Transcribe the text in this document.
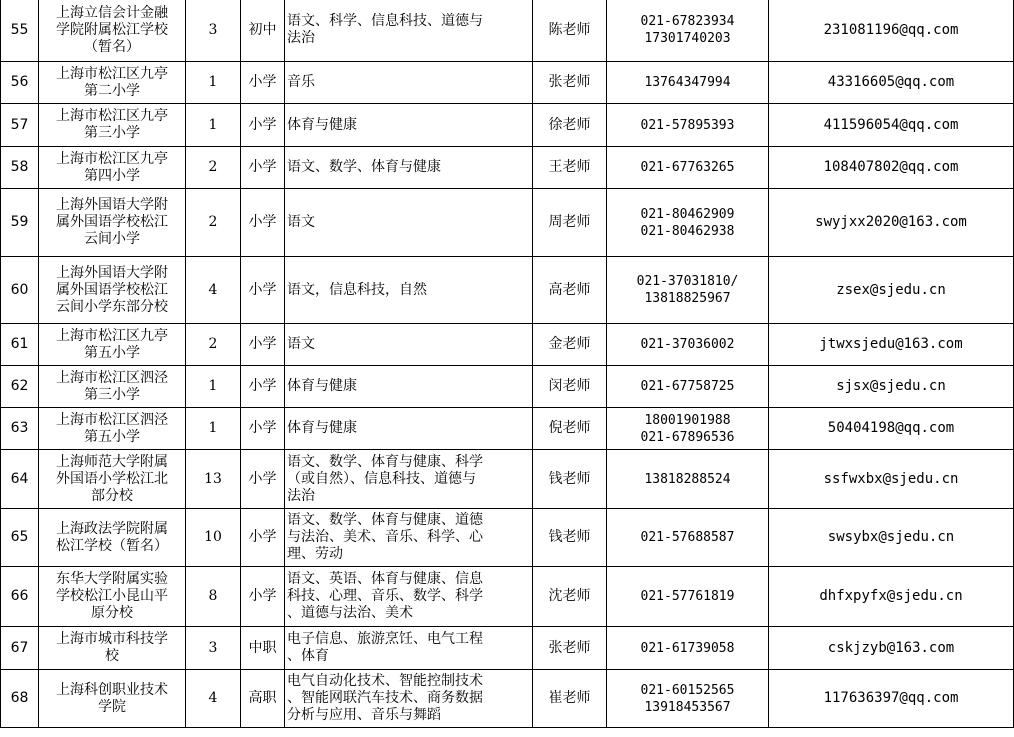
55	上海立信会计金融
学院附属松江学校
（暂名）	3	初中	语文、科学、信息科技、道德与
法治	陈老师	021-67823934
17301740203	231081196@qq.com
56	上海市松江区九亭
第二小学	1	小学	音乐	张老师	13764347994	43316605@qq.com
57	上海市松江区九亭
第三小学	1	小学	体育与健康	徐老师	021-57895393	411596054@qq.com
58	上海市松江区九亭
第四小学	2	小学	语文、数学、体育与健康	王老师	021-67763265	108407802@qq.com
59	上海外国语大学附
属外国语学校松江
云间小学	2	小学	语文	周老师	021-80462909
021-80462938	swyjxx2020@163.com
60	上海外国语大学附
属外国语学校松江
云间小学东部分校	4	小学	语文，信息科技，自然	高老师	021-37031810/
13818825967	zsex@sjedu.cn
61	上海市松江区九亭
第五小学	2	小学	语文	金老师	021-37036002	jtwxsjedu@163.com
62	上海市松江区泗泾
第三小学	1	小学	体育与健康	闵老师	021-67758725	sjsx@sjedu.cn
63	上海市松江区泗泾
第五小学	1	小学	体育与健康	倪老师	18001901988
021-67896536	50404198@qq.com
64	上海师范大学附属
外国语小学松江北
部分校	13	小学	语文、数学、体育与健康、科学
（或自然）、信息科技、道德与
法治	钱老师	13818288524	ssfwxbx@sjedu.cn
65	上海政法学院附属
松江学校（暂名）	10	小学	语文、数学、体育与健康、道德
与法治、美术、音乐、科学、心
理、劳动	钱老师	021-57688587	swsybx@sjedu.cn
66	东华大学附属实验
学校松江小昆山平
原分校	8	小学	语文、英语、体育与健康、信息
科技、心理、音乐、数学、科学
、道德与法治、美术	沈老师	021-57761819	dhfxpyfx@sjedu.cn
67	上海市城市科技学
校	3	中职	电子信息、旅游烹饪、电气工程
、体育	张老师	021-61739058	cskjzyb@163.com
68	上海科创职业技术
学院	4	高职	电气自动化技术、智能控制技术
、智能网联汽车技术、商务数据
分析与应用、音乐与舞蹈	崔老师	021-60152565
13918453567	117636397@qq.com
